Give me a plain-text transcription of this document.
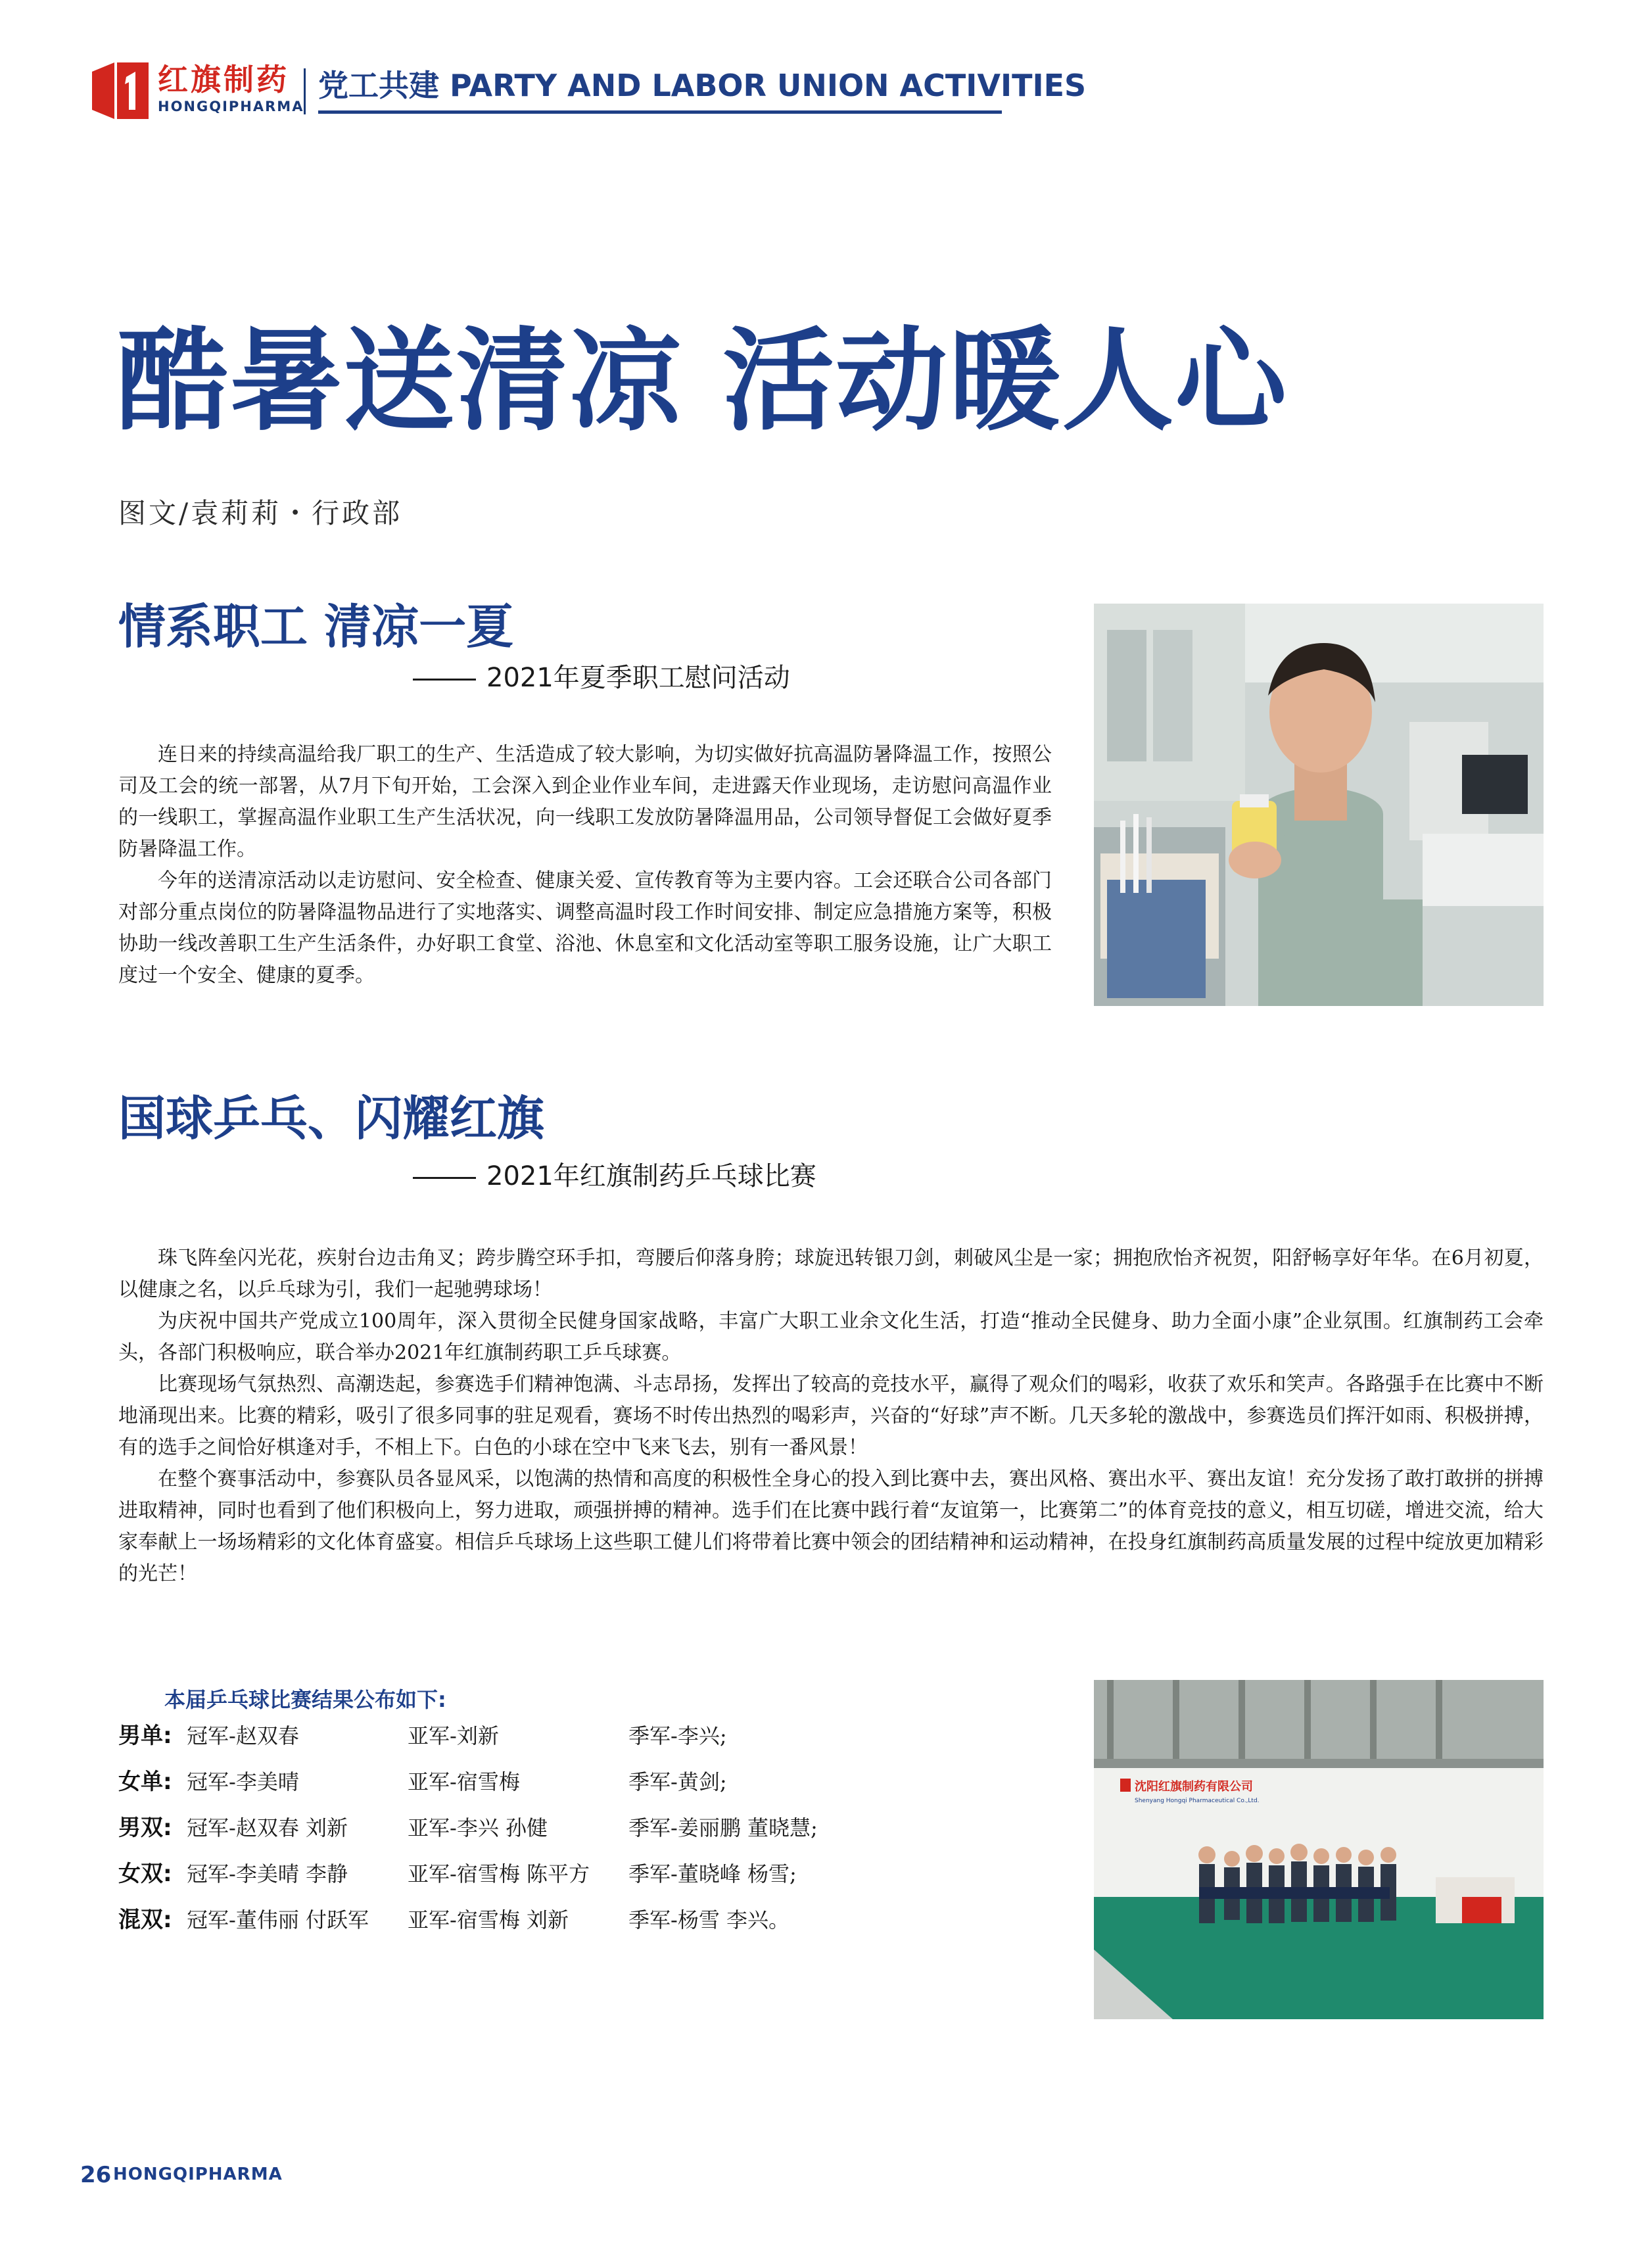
红旗制药
HONGQIPHARMA
党工共建 PARTY AND LABOR UNION ACTIVITIES
酷暑送清凉 活动暖人心
图文/袁莉莉・行政部
情系职工 清凉一夏
2021年夏季职工慰问活动

连日来的持续高温给我厂职工的生产、生活造成了较大影响，为切实做好抗高温防暑降温工作，按照公司及工会的统一部署，从7月下旬开始，工会深入到企业作业车间，走进露天作业现场，走访慰问高温作业的一线职工，掌握高温作业职工生产生活状况，向一线职工发放防暑降温用品，公司领导督促工会做好夏季防暑降温工作。

今年的送清凉活动以走访慰问、安全检查、健康关爱、宣传教育等为主要内容。工会还联合公司各部门对部分重点岗位的防暑降温物品进行了实地落实、调整高温时段工作时间安排、制定应急措施方案等，积极协助一线改善职工生产生活条件，办好职工食堂、浴池、休息室和文化活动室等职工服务设施，让广大职工度过一个安全、健康的夏季。

国球乒乓、闪耀红旗
2021年红旗制药乒乓球比赛

珠飞阵垒闪光花，疾射台边击角叉；跨步腾空环手扣，弯腰后仰落身胯；球旋迅转银刀剑，刺破风尘是一家；拥抱欣怡齐祝贺，阳舒畅享好年华。在6月初夏，以健康之名，以乒乓球为引，我们一起驰骋球场！

为庆祝中国共产党成立100周年，深入贯彻全民健身国家战略，丰富广大职工业余文化生活，打造“推动全民健身、助力全面小康”企业氛围。红旗制药工会牵头，各部门积极响应，联合举办2021年红旗制药职工乒乓球赛。

比赛现场气氛热烈、高潮迭起，参赛选手们精神饱满、斗志昂扬，发挥出了较高的竞技水平，赢得了观众们的喝彩，收获了欢乐和笑声。各路强手在比赛中不断地涌现出来。比赛的精彩，吸引了很多同事的驻足观看，赛场不时传出热烈的喝彩声，兴奋的“好球”声不断。几天多轮的激战中，参赛选员们挥汗如雨、积极拼搏，有的选手之间恰好棋逢对手，不相上下。白色的小球在空中飞来飞去，别有一番风景！

在整个赛事活动中，参赛队员各显风采，以饱满的热情和高度的积极性全身心的投入到比赛中去，赛出风格、赛出水平、赛出友谊！充分发扬了敢打敢拼的拼搏进取精神，同时也看到了他们积极向上，努力进取，顽强拼搏的精神。选手们在比赛中践行着“友谊第一，比赛第二”的体育竞技的意义，相互切磋，增进交流，给大家奉献上一场场精彩的文化体育盛宴。相信乒乓球场上这些职工健儿们将带着比赛中领会的团结精神和运动精神，在投身红旗制药高质量发展的过程中绽放更加精彩的光芒！

本届乒乓球比赛结果公布如下:
男单: 冠军-赵双春	亚军-刘新	季军-李兴;
女单: 冠军-李美晴	亚军-宿雪梅	季军-黄剑;
男双: 冠军-赵双春 刘新	亚军-李兴 孙健	季军-姜丽鹏 董晓慧;
女双: 冠军-李美晴 李静	亚军-宿雪梅 陈平方 季军-董晓峰 杨雪;
混双: 冠军-董伟丽 付跃军 亚军-宿雪梅 刘新	季军-杨雪 李兴。
沈阳红旗制药有限公司
Shenyang Hongqi Pharmaceutical Co.,Ltd.
26 HONGQIPHARMA
